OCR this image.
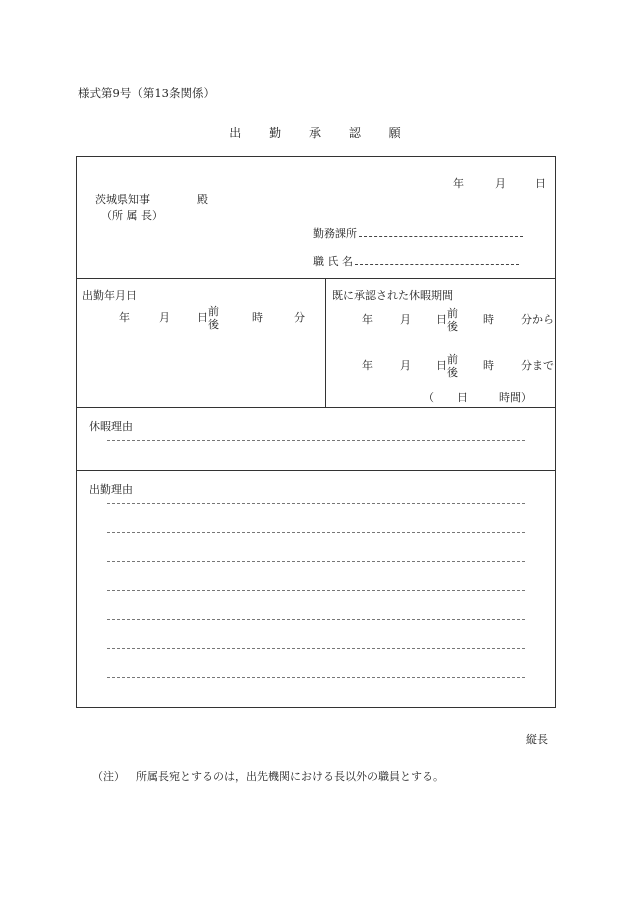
様式第9号（第13条関係）
出 勤 承 認 願
年	月	日
茨城県知事	殿
（所 属 長）
勤務課所
職 氏 名
出勤年月日
年	月 日前
後  時	分
既に承認された休暇期間
年 月 日前
後  時 分から
年 月 日前
後  時 分まで
（ 日	時間）
休暇理由
出勤理由
縦長
（注） 所属長宛とするのは，出先機関における長以外の職員とする。
